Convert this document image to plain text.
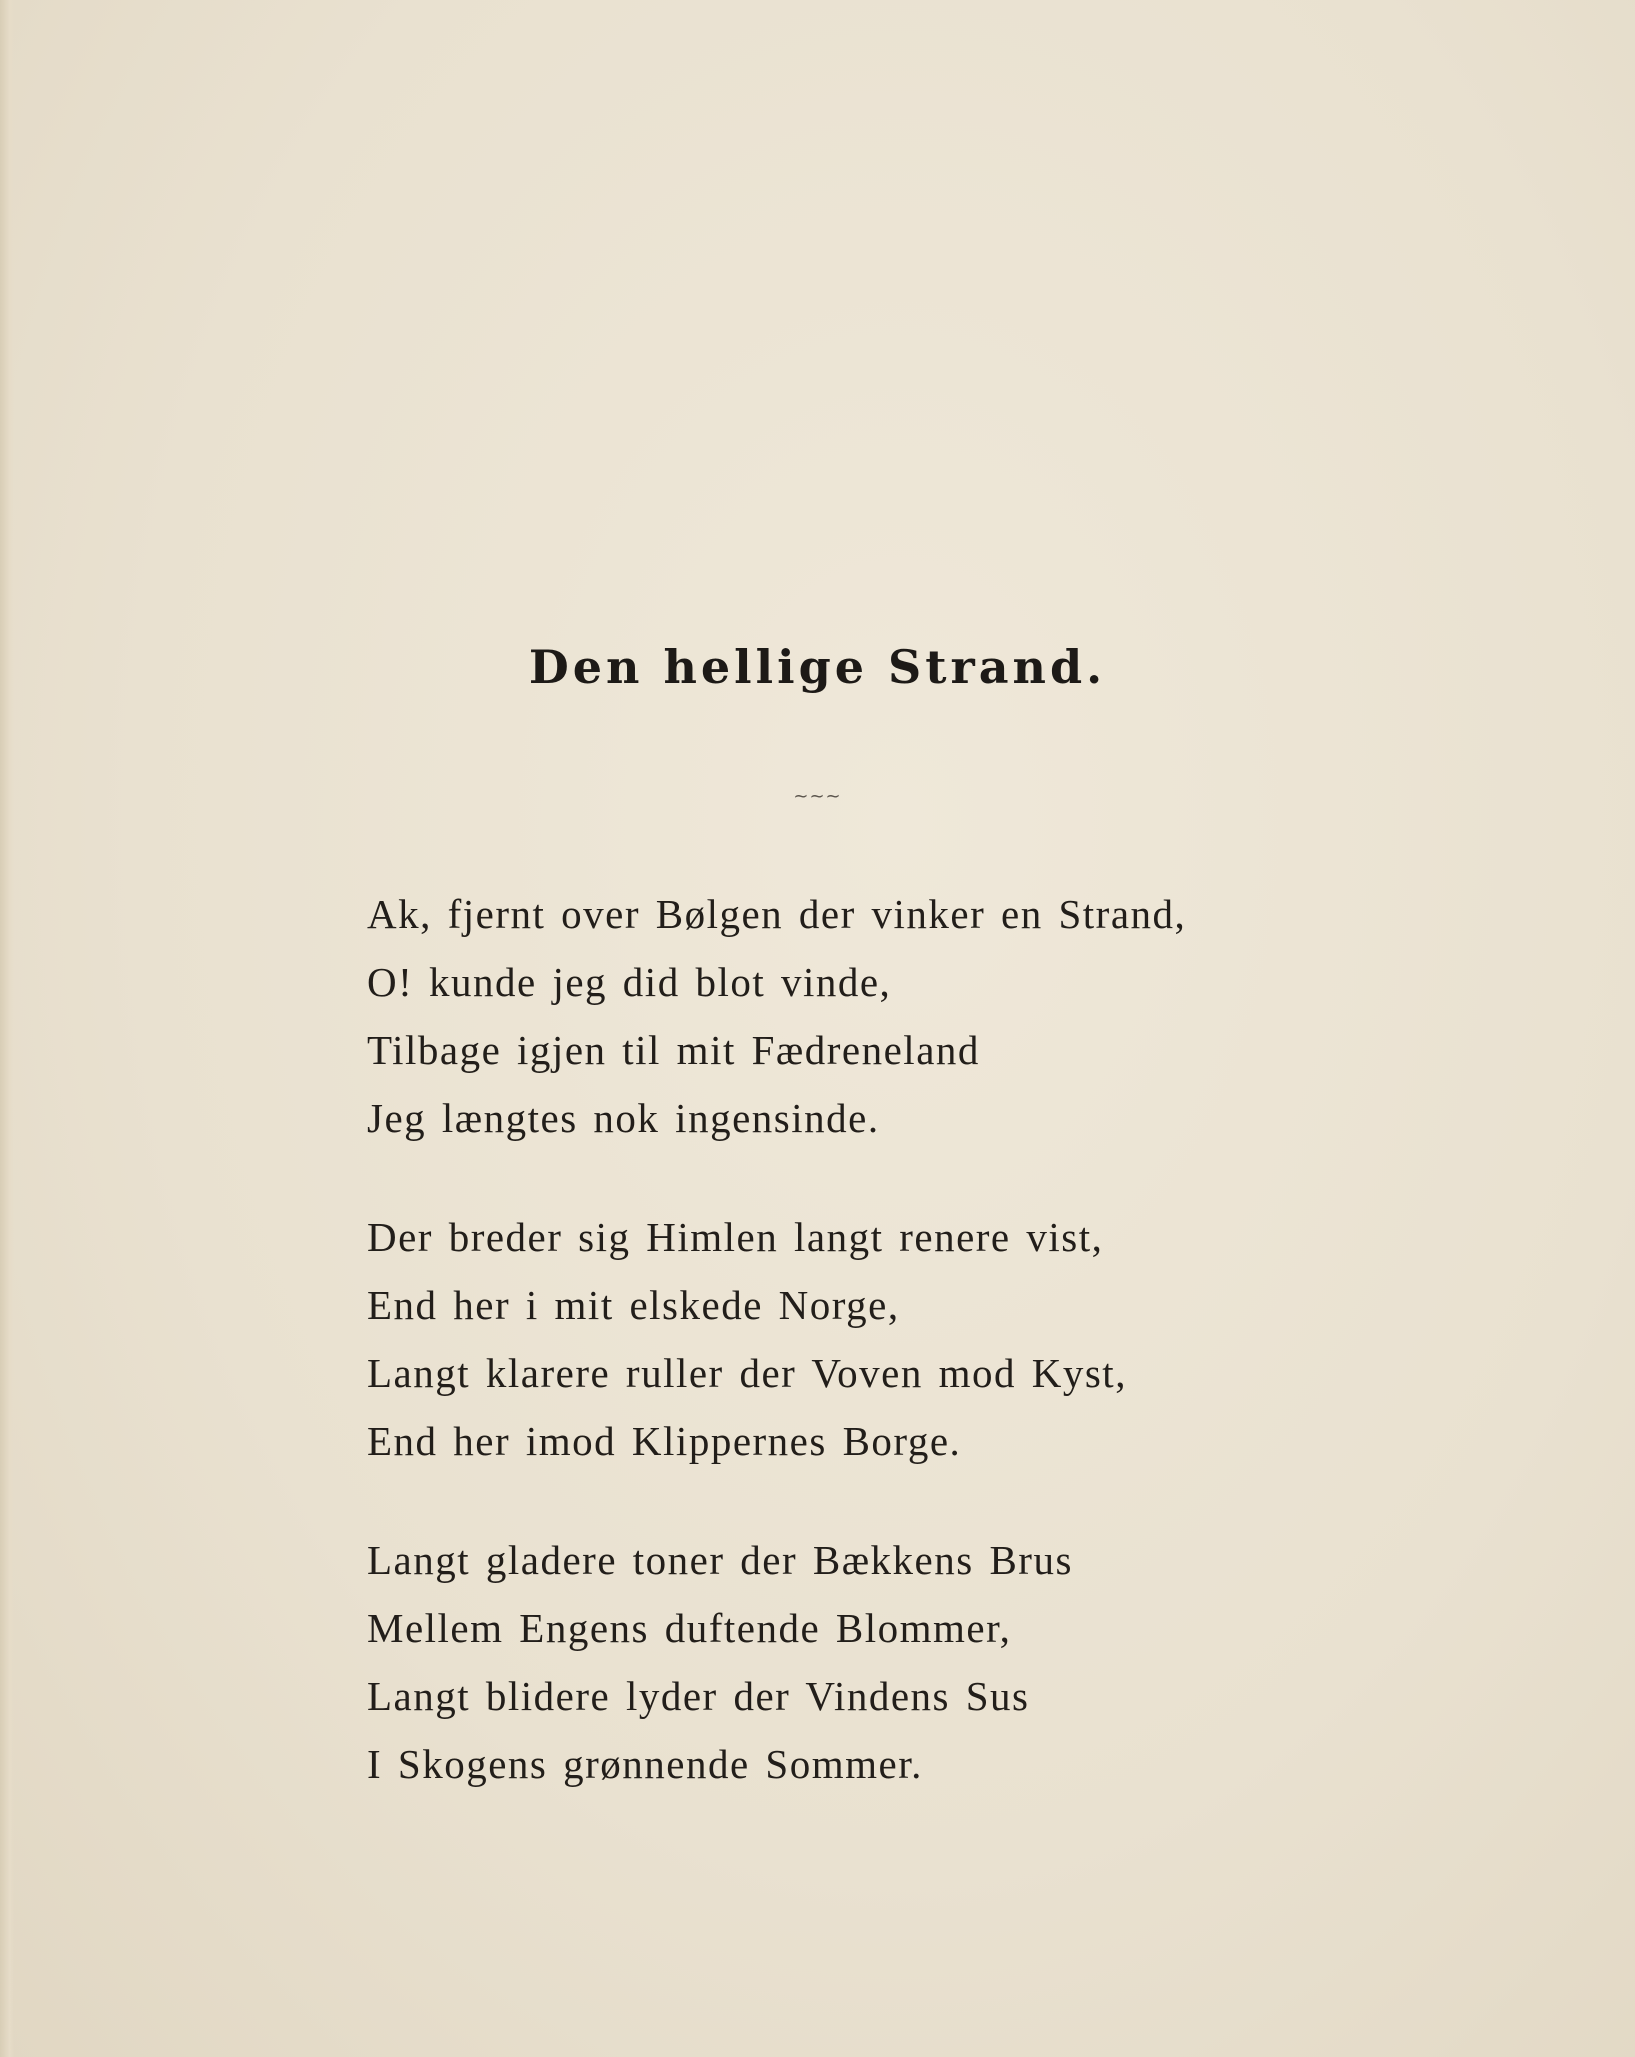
Den hellige Strand.
~~~
Ak, fjernt over Bølgen der vinker en Strand,
O! kunde jeg did blot vinde,
Tilbage igjen til mit Fædreneland
Jeg længtes nok ingensinde.
Der breder sig Himlen langt renere vist,
End her i mit elskede Norge,
Langt klarere ruller der Voven mod Kyst,
End her imod Klippernes Borge.
Langt gladere toner der Bækkens Brus
Mellem Engens duftende Blommer,
Langt blidere lyder der Vindens Sus
I Skogens grønnende Sommer.
